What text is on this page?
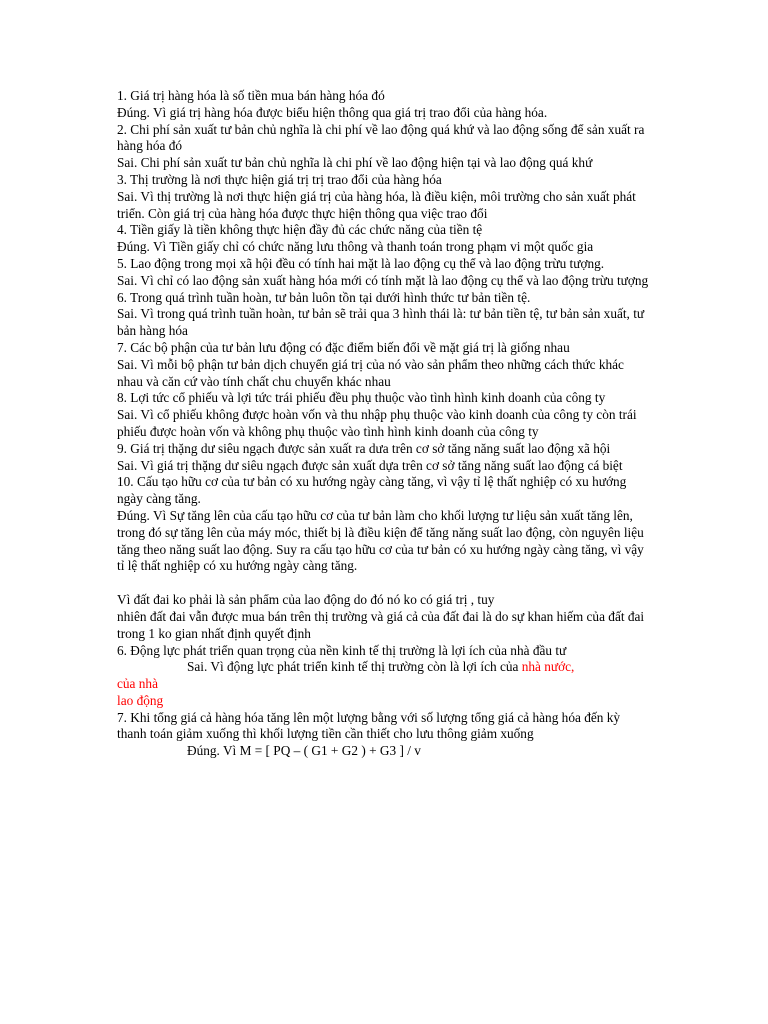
1. Giá trị hàng hóa là số tiền mua bán hàng hóa đó

Đúng. Vì giá trị hàng hóa được biểu hiện thông qua giá trị trao đổi của hàng hóa.

2. Chi phí sản xuất tư bản chủ nghĩa là chi phí về lao động quá khứ và lao động sống để sản xuất ra hàng hóa đó

Sai. Chi phí sản xuất tư bản chủ nghĩa là chi phí về lao động hiện tại và lao động quá khứ

3. Thị trường là nơi thực hiện giá trị trị trao đổi của hàng hóa

Sai. Vì thị trường là nơi thực hiện giá trị của hàng hóa, là điều kiện, môi trường cho sản xuất phát triển. Còn giá trị của hàng hóa được thực hiện thông qua việc trao đổi

4. Tiền giấy là tiền không thực hiện đầy đủ các chức năng của tiền tệ

Đúng. Vì Tiền giấy chỉ có chức năng lưu thông và thanh toán trong phạm vi một quốc gia

5. Lao động trong mọi xã hội đều có tính hai mặt là lao động cụ thể và lao động trừu tượng.

Sai. Vì chỉ có lao động sản xuất hàng hóa mới có tính mặt là lao động cụ thể và lao động trừu tượng

6. Trong quá trình tuần hoàn, tư bản luôn tồn tại dưới hình thức tư bản tiền tệ.

Sai. Vì trong quá trình tuần hoàn, tư bản sẽ trải qua 3 hình thái là: tư bản tiền tệ, tư bản sản xuất, tư bản hàng hóa

7. Các bộ phận của tư bản lưu động có đặc điểm biến đổi về mặt giá trị là giống nhau

Sai. Vì mỗi bộ phận tư bản dịch chuyển giá trị của nó vào sản phẩm theo những cách thức khác nhau và căn cứ vào tính chất chu chuyển khác nhau

8. Lợi tức cổ phiếu và lợi tức trái phiếu đều phụ thuộc vào tình hình kinh doanh của công ty

Sai. Vì cổ phiếu không được hoàn vốn và thu nhập phụ thuộc vào kinh doanh của công ty còn trái phiếu được hoàn vốn và không phụ thuộc vào tình hình kinh doanh của công ty

9. Giá trị thặng dư siêu ngạch được sản xuất ra dưa trên cơ sở tăng năng suất lao động xã hội

Sai. Vì giá trị thặng dư siêu ngạch được sản xuất dựa trên cơ sở tăng năng suất lao động cá biệt

10. Cấu tạo hữu cơ của tư bản có xu hướng ngày càng tăng, vì vậy tỉ lệ thất nghiệp có xu hướng ngày càng tăng.

Đúng. Vì Sự tăng lên của cấu tạo hữu cơ của tư bản làm cho khối lượng tư liệu sản xuất tăng lên, trong đó sự tăng lên của máy móc, thiết bị là điều kiện để tăng năng suất lao động, còn nguyên liệu tăng theo năng suất lao động. Suy ra cấu tạo hữu cơ của tư bản có xu hướng ngày càng tăng, vì vậy tỉ lệ thất nghiệp có xu hướng ngày càng tăng.

Vì đất đai ko phải là sản phẩm của lao động do đó nó ko có giá trị , tuy

nhiên đất đai vẫn được mua bán trên thị trường và giá cả của đất đai là do sự khan hiếm của đất đai trong 1 ko gian nhất định quyết định

6. Động lực phát triển quan trọng của nền kinh tế thị trường là lợi ích của nhà đầu tư

Sai. Vì động lực phát triển kinh tế thị trường còn là lợi ích của nhà nước,

của nhà

lao động

7. Khi tổng giá cả hàng hóa tăng lên một lượng bằng với số lượng tổng giá cả hàng hóa đến kỳ thanh toán giảm xuống thì khối lượng tiền cần thiết cho lưu thông giảm xuống

Đúng. Vì M = [ PQ – ( G1 + G2 ) + G3 ] / v
